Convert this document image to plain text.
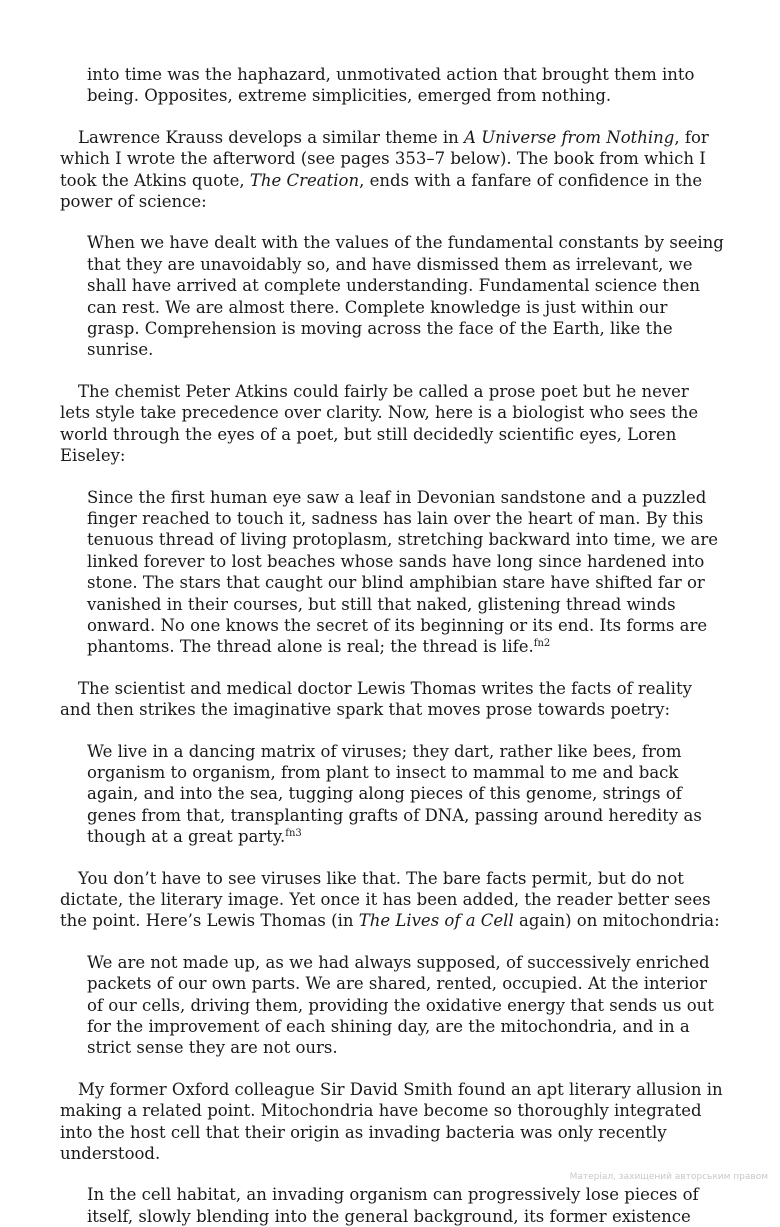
into time was the haphazard, unmotivated action that brought them into being. Opposites, extreme simplicities, emerged from nothing.

Lawrence Krauss develops a similar theme in A Universe from Nothing, for which I wrote the afterword (see pages 353–7 below). The book from which I took the Atkins quote, The Creation, ends with a fanfare of confidence in the power of science:

When we have dealt with the values of the fundamental constants by seeing that they are unavoidably so, and have dismissed them as irrelevant, we shall have arrived at complete understanding. Fundamental science then can rest. We are almost there. Complete knowledge is just within our grasp. Comprehension is moving across the face of the Earth, like the sunrise.

The chemist Peter Atkins could fairly be called a prose poet but he never lets style take precedence over clarity. Now, here is a biologist who sees the world through the eyes of a poet, but still decidedly scientific eyes, Loren Eiseley:

Since the first human eye saw a leaf in Devonian sandstone and a puzzled finger reached to touch it, sadness has lain over the heart of man. By this tenuous thread of living protoplasm, stretching backward into time, we are linked forever to lost beaches whose sands have long since hardened into stone. The stars that caught our blind amphibian stare have shifted far or vanished in their courses, but still that naked, glistening thread winds onward. No one knows the secret of its beginning or its end. Its forms are phantoms. The thread alone is real; the thread is life.$^{fn2}$

The scientist and medical doctor Lewis Thomas writes the facts of reality and then strikes the imaginative spark that moves prose towards poetry:

We live in a dancing matrix of viruses; they dart, rather like bees, from organism to organism, from plant to insect to mammal to me and back again, and into the sea, tugging along pieces of this genome, strings of genes from that, transplanting grafts of DNA, passing around heredity as though at a great party.$^{fn3}$

You don’t have to see viruses like that. The bare facts permit, but do not dictate, the literary image. Yet once it has been added, the reader better sees the point. Here’s Lewis Thomas (in The Lives of a Cell again) on mitochondria:

We are not made up, as we had always supposed, of successively enriched packets of our own parts. We are shared, rented, occupied. At the interior of our cells, driving them, providing the oxidative energy that sends us out for the improvement of each shining day, are the mitochondria, and in a strict sense they are not ours.

My former Oxford colleague Sir David Smith found an apt literary allusion in making a related point. Mitochondria have become so thoroughly integrated into the host cell that their origin as invading bacteria was only recently understood.

In the cell habitat, an invading organism can progressively lose pieces of itself, slowly blending into the general background, its former existence

Матеріал, захищений авторським правом
